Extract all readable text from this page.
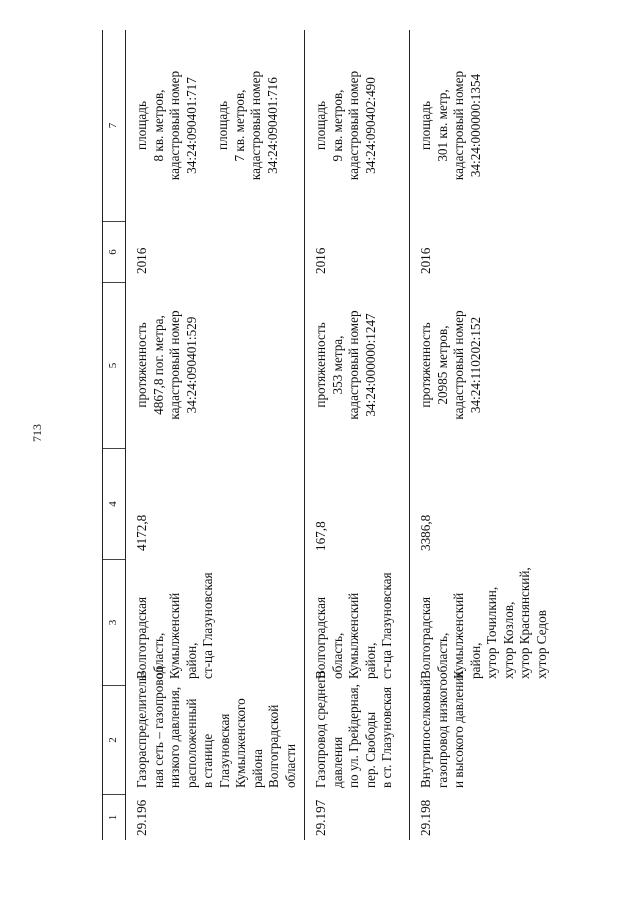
713
1
2
3
4
5
6
7
29.196
Газораспределитель- ная сеть – газопровод низкого давления, расположенный в станице Глазуновская Кумылженского района Волгоградской области
Волгоградская область, Кумылженский район, ст-ца Глазуновская
4172,8
протяженность 4867,8 пог. метра, кадастровый номер 34:24:090401:529
2016
площадь 8 кв. метров, кадастровый номер 34:24:090401:717 площадь 7 кв. метров, кадастровый номер 34:24:090401:716
29.197
Газопровод среднего давления по ул. Грейдерная, пер. Свободы в ст. Глазуновская
Волгоградская область, Кумылженский район, ст-ца Глазуновская
167,8
протяженность 353 метра, кадастровый номер 34:24:000000:1247
2016
площадь 9 кв. метров, кадастровый номер 34:24:090402:490
29.198
Внутрипоселковый газопровод низкого и высокого давления
Волгоградская область, Кумылженский район, хутор Точилкин, хутор Козлов, хутор Краснянский, хутор Седов
3386,8
протяженность 20985 метров, кадастровый номер 34:24:110202:152
2016
площадь 301 кв. метр, кадастровый номер 34:24:000000:1354
